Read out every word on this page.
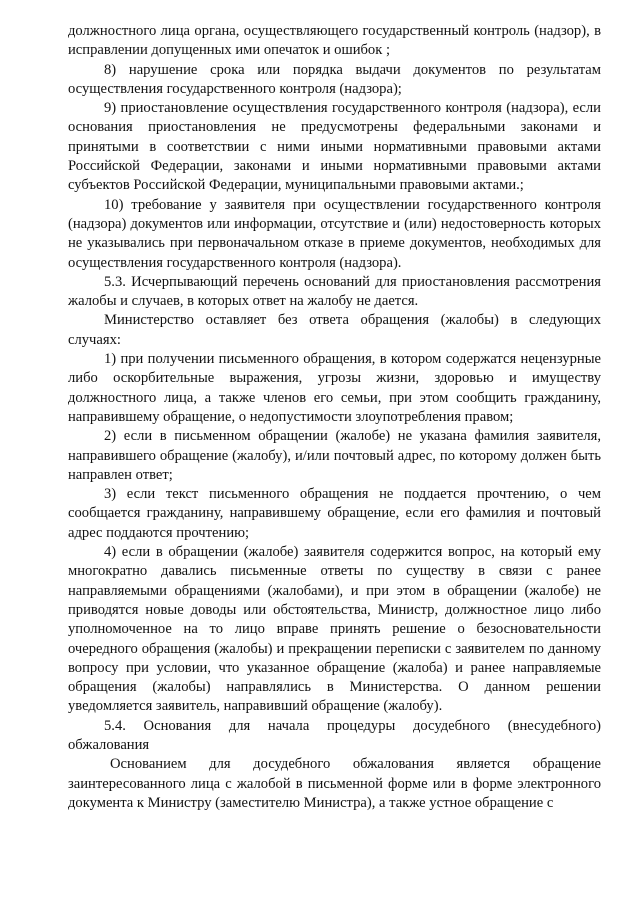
должностного лица органа, осуществляющего государственный контроль (надзор), в исправлении допущенных ими опечаток и ошибок ;

8) нарушение срока или порядка выдачи документов по результатам осуществления государственного контроля (надзора);

9) приостановление осуществления государственного контроля (надзора), если основания приостановления не предусмотрены федеральными законами и принятыми в соответствии с ними иными нормативными правовыми актами Российской Федерации, законами и иными нормативными правовыми актами субъектов Российской Федерации, муниципальными правовыми актами.;

10) требование у заявителя при осуществлении государственного контроля (надзора) документов или информации, отсутствие и (или) недостоверность которых не указывались при первоначальном отказе в приеме документов, необходимых для осуществления государственного контроля (надзора).

5.3. Исчерпывающий перечень оснований для приостановления рассмотрения жалобы и случаев, в которых ответ на жалобу не дается.

Министерство оставляет без ответа обращения (жалобы) в следующих случаях:

1) при получении письменного обращения, в котором содержатся нецензурные либо оскорбительные выражения, угрозы жизни, здоровью и имуществу должностного лица, а также членов его семьи, при этом сообщить гражданину, направившему обращение, о недопустимости злоупотребления правом;

2) если в письменном обращении (жалобе) не указана фамилия заявителя, направившего обращение (жалобу), и/или почтовый адрес, по которому должен быть направлен ответ;

3) если текст письменного обращения не поддается прочтению, о чем сообщается гражданину, направившему обращение, если его фамилия и почтовый адрес поддаются прочтению;

4) если в обращении (жалобе) заявителя содержится вопрос, на который ему многократно давались письменные ответы по существу в связи с ранее направляемыми обращениями (жалобами), и при этом в обращении (жалобе) не приводятся новые доводы или обстоятельства, Министр, должностное лицо либо уполномоченное на то лицо вправе принять решение о безосновательности очередного обращения (жалобы) и прекращении переписки с заявителем по данному вопросу при условии, что указанное обращение (жалоба) и ранее направляемые обращения (жалобы) направлялись в Министерства. О данном решении уведомляется заявитель, направивший обращение (жалобу).

5.4. Основания для начала процедуры досудебного (внесудебного) обжалования

Основанием для досудебного обжалования является обращение заинтересованного лица с жалобой в письменной форме или в форме электронного документа к Министру (заместителю Министра), а также устное обращение с
